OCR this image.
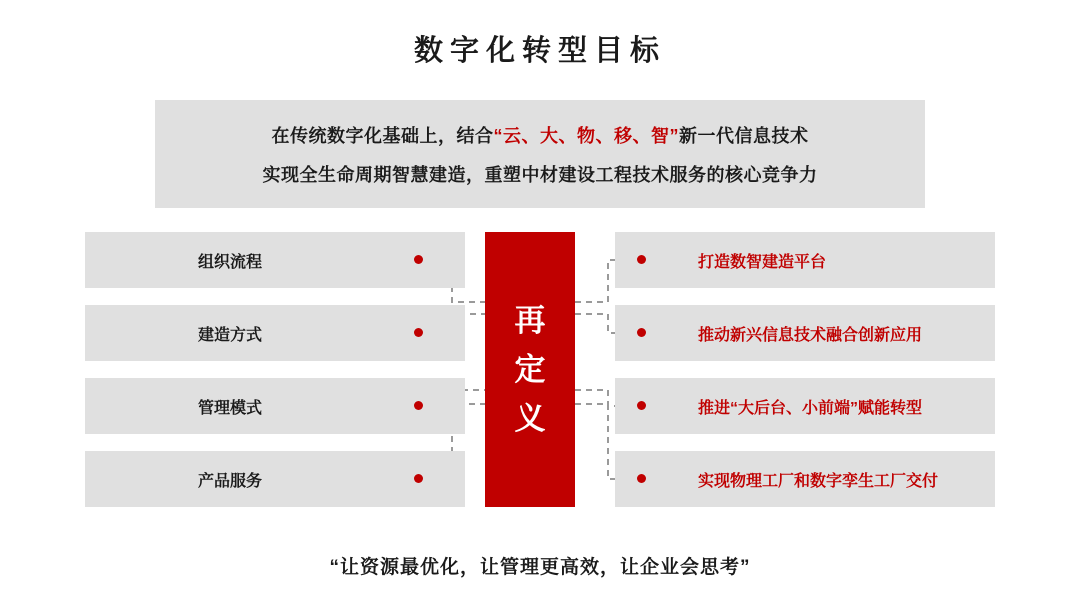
数字化转型目标
在传统数字化基础上，结合“云、大、物、移、智”新一代信息技术
实现全生命周期智慧建造，重塑中材建设工程技术服务的核心竞争力
组织流程	打造数智建造平台
建造方式	推动新兴信息技术融合创新应用
管理模式	推进“大后台、小前端”赋能转型
产品服务	实现物理工厂和数字孪生工厂交付
再
定
义
“让资源最优化，让管理更高效，让企业会思考”
